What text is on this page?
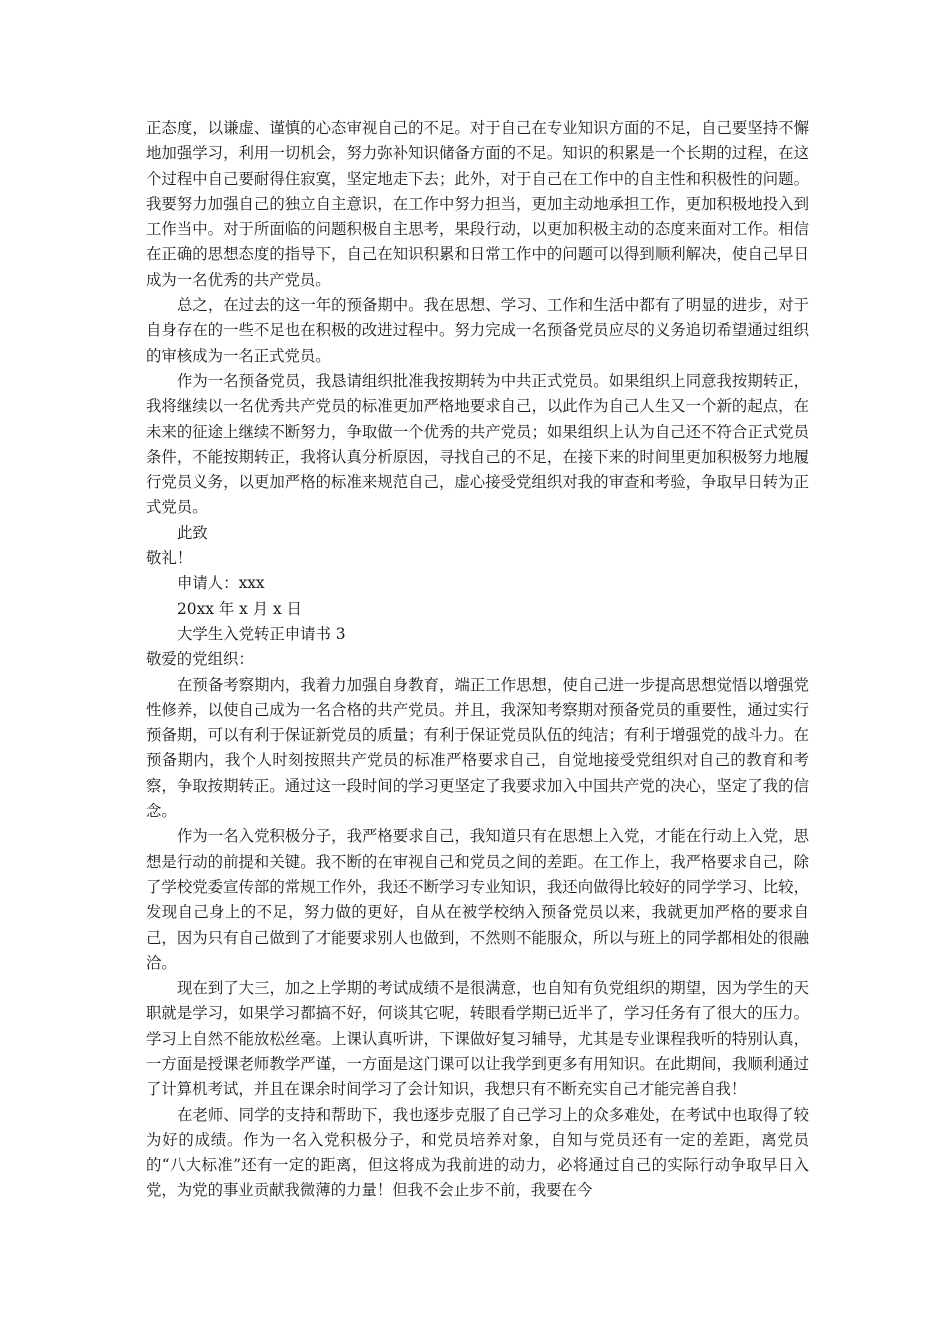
正态度，以谦虚、谨慎的心态审视自己的不足。对于自己在专业知识方面的不足，自己要坚持不懈地加强学习，利用一切机会，努力弥补知识储备方面的不足。知识的积累是一个长期的过程，在这个过程中自己要耐得住寂寞，坚定地走下去；此外，对于自己在工作中的自主性和积极性的问题。我要努力加强自己的独立自主意识，在工作中努力担当，更加主动地承担工作，更加积极地投入到工作当中。对于所面临的问题积极自主思考，果段行动，以更加积极主动的态度来面对工作。相信在正确的思想态度的指导下，自己在知识积累和日常工作中的问题可以得到顺利解决，使自己早日成为一名优秀的共产党员。

总之，在过去的这一年的预备期中。我在思想、学习、工作和生活中都有了明显的进步，对于自身存在的一些不足也在积极的改进过程中。努力完成一名预备党员应尽的义务追切希望通过组织的审核成为一名正式党员。

作为一名预备党员，我恳请组织批准我按期转为中共正式党员。如果组织上同意我按期转正，我将继续以一名优秀共产党员的标准更加严格地要求自己，以此作为自己人生又一个新的起点，在未来的征途上继续不断努力，争取做一个优秀的共产党员；如果组织上认为自己还不符合正式党员条件，不能按期转正，我将认真分析原因，寻找自己的不足，在接下来的时间里更加积极努力地履行党员义务，以更加严格的标准来规范自己，虚心接受党组织对我的审查和考验，争取早日转为正式党员。

此致

敬礼！

申请人：xxx

20xx 年 x 月 x 日

大学生入党转正申请书 3

敬爱的党组织：

在预备考察期内，我着力加强自身教育，端正工作思想，使自己进一步提高思想觉悟以增强党性修养，以使自己成为一名合格的共产党员。并且，我深知考察期对预备党员的重要性，通过实行预备期，可以有利于保证新党员的质量；有利于保证党员队伍的纯洁；有利于增强党的战斗力。在预备期内，我个人时刻按照共产党员的标准严格要求自己，自觉地接受党组织对自己的教育和考察，争取按期转正。通过这一段时间的学习更坚定了我要求加入中国共产党的决心，坚定了我的信念。

作为一名入党积极分子，我严格要求自己，我知道只有在思想上入党，才能在行动上入党，思想是行动的前提和关键。我不断的在审视自己和党员之间的差距。在工作上，我严格要求自己，除了学校党委宣传部的常规工作外，我还不断学习专业知识，我还向做得比较好的同学学习、比较，发现自己身上的不足，努力做的更好，自从在被学校纳入预备党员以来，我就更加严格的要求自己，因为只有自己做到了才能要求别人也做到，不然则不能服众，所以与班上的同学都相处的很融洽。

现在到了大三，加之上学期的考试成绩不是很满意，也自知有负党组织的期望，因为学生的天职就是学习，如果学习都搞不好，何谈其它呢，转眼看学期已近半了，学习任务有了很大的压力。学习上自然不能放松丝毫。上课认真听讲，下课做好复习辅导，尤其是专业课程我听的特别认真，一方面是授课老师教学严谨，一方面是这门课可以让我学到更多有用知识。在此期间，我顺利通过了计算机考试，并且在课余时间学习了会计知识，我想只有不断充实自己才能完善自我！

在老师、同学的支持和帮助下，我也逐步克服了自己学习上的众多难处，在考试中也取得了较为好的成绩。作为一名入党积极分子，和党员培养对象，自知与党员还有一定的差距，离党员的“八大标准”还有一定的距离，但这将成为我前进的动力，必将通过自己的实际行动争取早日入党，为党的事业贡献我微薄的力量！但我不会止步不前，我要在今
